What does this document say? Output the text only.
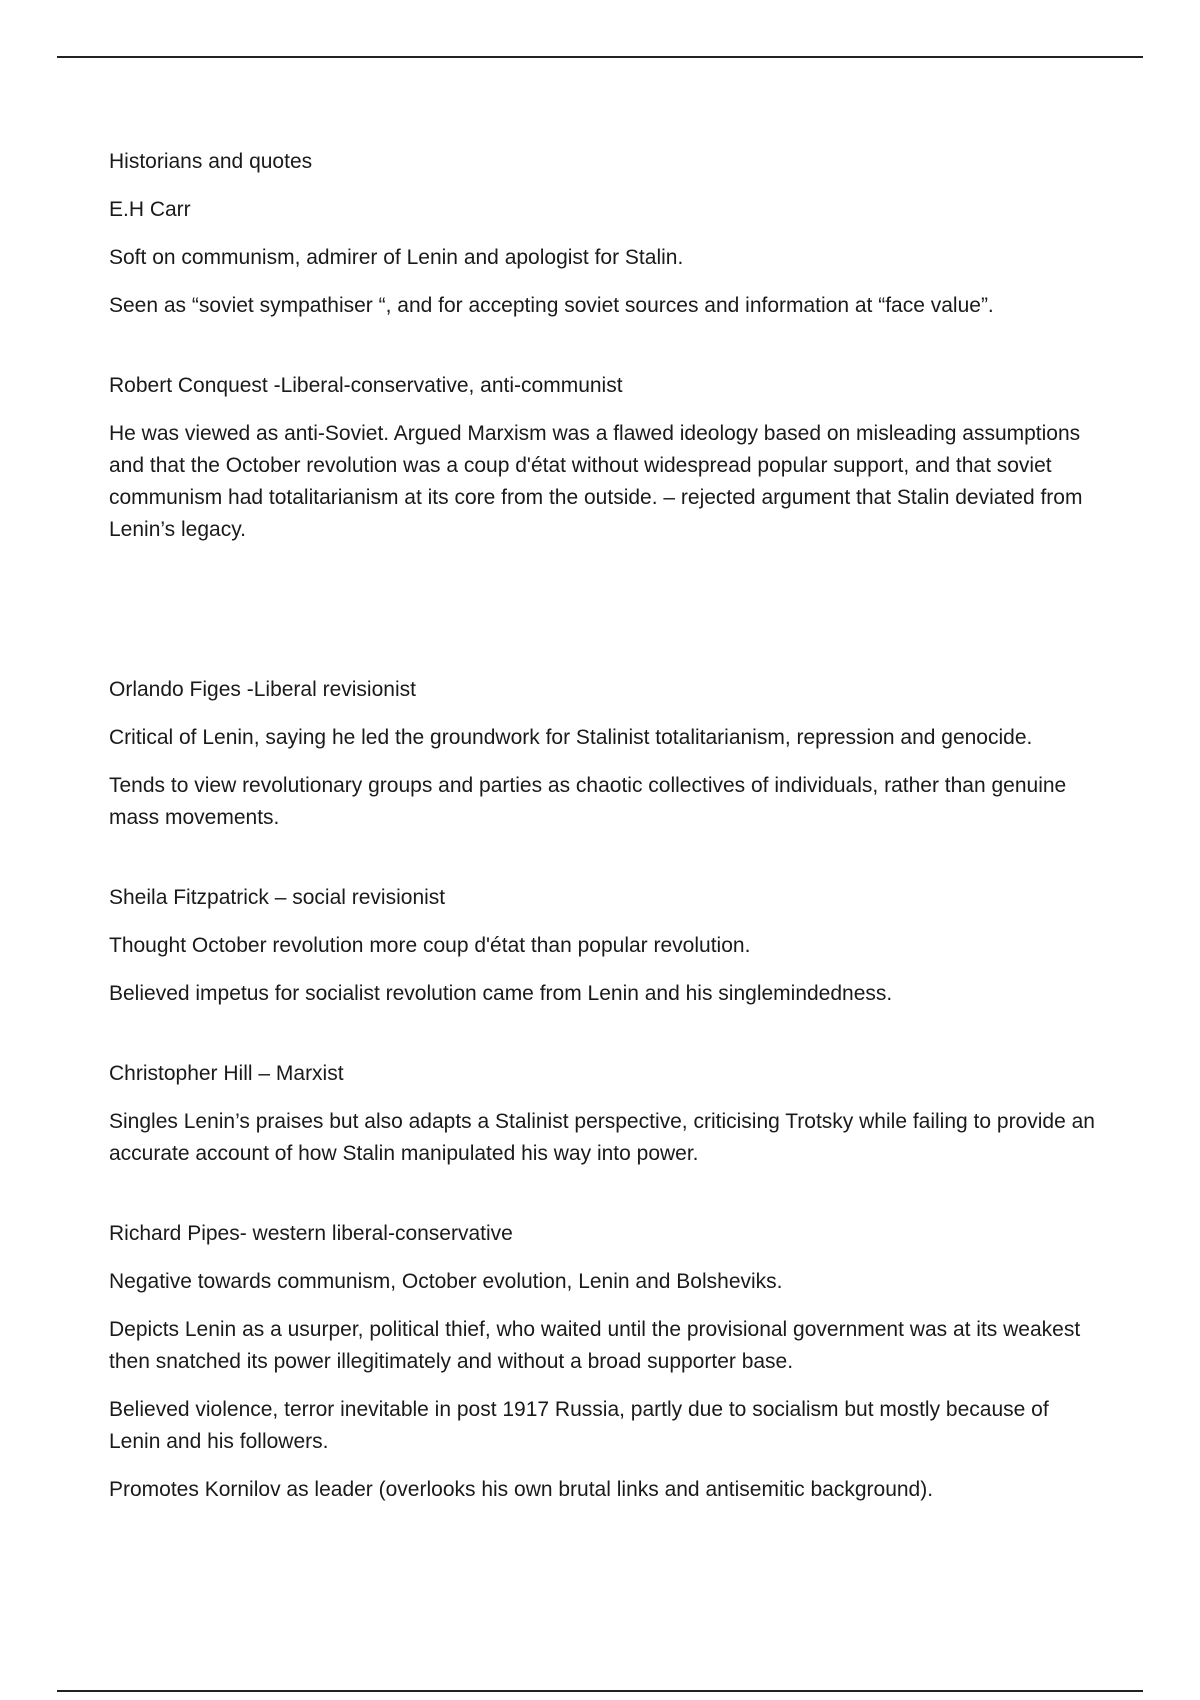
Historians and quotes

E.H Carr

Soft on communism, admirer of Lenin and apologist for Stalin.

Seen as “soviet sympathiser “, and for accepting soviet sources and information at “face value”.

Robert Conquest -Liberal-conservative, anti-communist

He was viewed as anti-Soviet. Argued Marxism was a flawed ideology based on misleading assumptions and that the October revolution was a coup d'état without widespread popular support, and that soviet communism had totalitarianism at its core from the outside. – rejected argument that Stalin deviated from Lenin’s legacy.

Orlando Figes -Liberal revisionist

Critical of Lenin, saying he led the groundwork for Stalinist totalitarianism, repression and genocide.

Tends to view revolutionary groups and parties as chaotic collectives of individuals, rather than genuine mass movements.

Sheila Fitzpatrick – social revisionist

Thought October revolution more coup d'état than popular revolution.

Believed impetus for socialist revolution came from Lenin and his singlemindedness.

Christopher Hill – Marxist

Singles Lenin’s praises but also adapts a Stalinist perspective, criticising Trotsky while failing to provide an accurate account of how Stalin manipulated his way into power.

Richard Pipes- western liberal-conservative

Negative towards communism, October evolution, Lenin and Bolsheviks.

Depicts Lenin as a usurper, political thief, who waited until the provisional government was at its weakest then snatched its power illegitimately and without a broad supporter base.

Believed violence, terror inevitable in post 1917 Russia, partly due to socialism but mostly because of Lenin and his followers.

Promotes Kornilov as leader (overlooks his own brutal links and antisemitic background).
